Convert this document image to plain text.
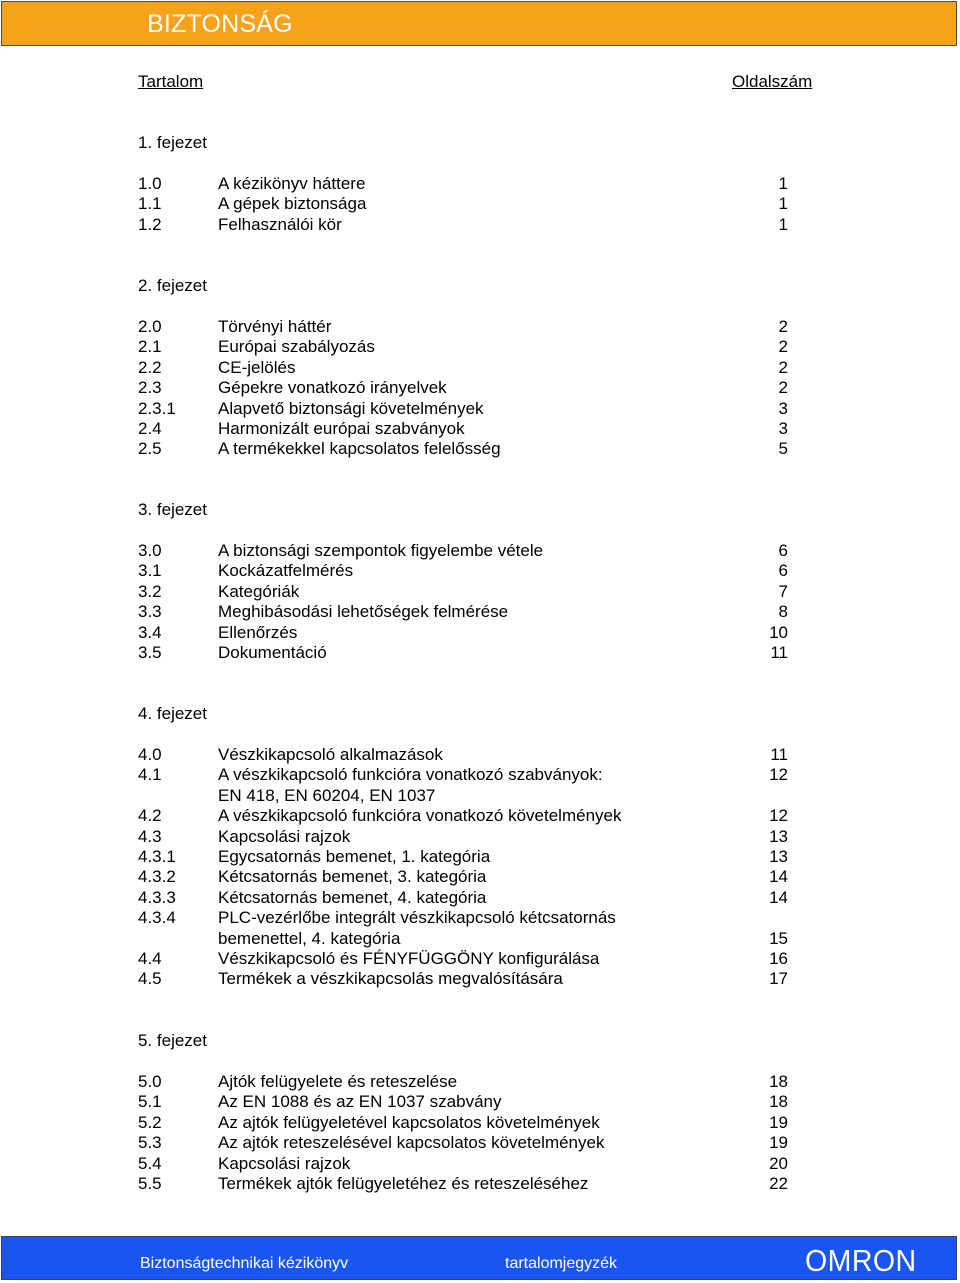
BIZTONSÁG
Tartalom	Oldalszám
1. fejezet
1.0	A kézikönyv háttere	1
1.1	A gépek biztonsága	1
1.2	Felhasználói kör	1
2. fejezet
2.0	Törvényi háttér	2
2.1	Európai szabályozás	2
2.2	CE-jelölés	2
2.3	Gépekre vonatkozó irányelvek	2
2.3.1 Alapvető biztonsági követelmények	3
2.4	Harmonizált európai szabványok	3
2.5	A termékekkel kapcsolatos felelősség	5
3. fejezet
3.0	A biztonsági szempontok figyelembe vétele	6
3.1	Kockázatfelmérés	6
3.2	Kategóriák	7
3.3	Meghibásodási lehetőségek felmérése	8
3.4	Ellenőrzés	10
3.5	Dokumentáció	11
4. fejezet
4.0	Vészkikapcsoló alkalmazások	11
4.1	A vészkikapcsoló funkcióra vonatkozó szabványok:	12
EN 418, EN 60204, EN 1037
4.2	A vészkikapcsoló funkcióra vonatkozó követelmények	12
4.3	Kapcsolási rajzok	13
4.3.1 Egycsatornás bemenet, 1. kategória	13
4.3.2 Kétcsatornás bemenet, 3. kategória	14
4.3.3 Kétcsatornás bemenet, 4. kategória	14
4.3.4 PLC-vezérlőbe integrált vészkikapcsoló kétcsatornás
bemenettel, 4. kategória	15
4.4	Vészkikapcsoló és FÉNYFÜGGÖNY konfigurálása	16
4.5	Termékek a vészkikapcsolás megvalósítására	17
5. fejezet
5.0	Ajtók felügyelete és reteszelése	18
5.1	Az EN 1088 és az EN 1037 szabvány	18
5.2	Az ajtók felügyeletével kapcsolatos követelmények	19
5.3	Az ajtók reteszelésével kapcsolatos követelmények	19
5.4	Kapcsolási rajzok	20
5.5	Termékek ajtók felügyeletéhez és reteszeléséhez	22
Biztonságtechnikai kézikönyv	tartalomjegyzék	OMRON
